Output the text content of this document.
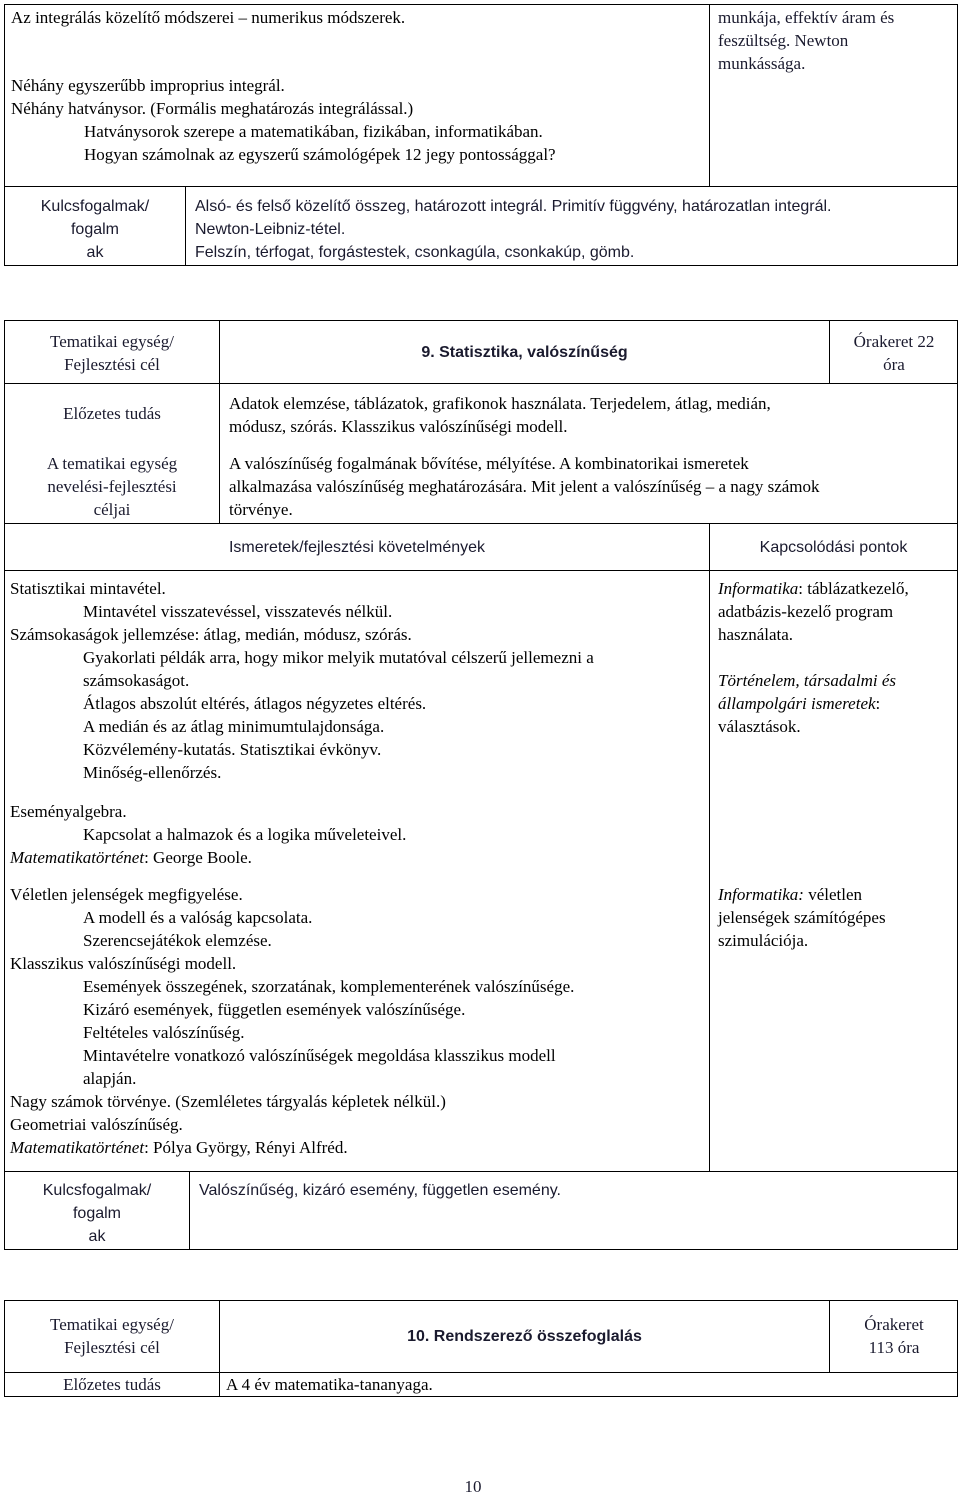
Az integrálás közelítő módszerei – numerikus módszerek.

Néhány egyszerűbb improprius integrál.

Néhány hatványsor. (Formális meghatározás integrálással.)

Hatványsorok szerepe a matematikában, fizikában, informatikában.

Hogyan számolnak az egyszerű számológépek 12 jegy pontossággal?

munkája, effektív áram és

feszültség. Newton

munkássága.

Kulcsfogalmak/

fogalm

ak

Alsó- és felső közelítő összeg, határozott integrál. Primitív függvény, határozatlan integrál.

Newton-Leibniz-tétel.

Felszín, térfogat, forgástestek, csonkagúla, csonkakúp, gömb.

Tematikai egység/

Fejlesztési cél

9. Statisztika, valószínűség

Órakeret 22

óra

Előzetes tudás

Adatok elemzése, táblázatok, grafikonok használata. Terjedelem, átlag, medián,

módusz, szórás. Klasszikus valószínűségi modell.

A tematikai egység

nevelési-fejlesztési

céljai

A valószínűség fogalmának bővítése, mélyítése. A kombinatorikai ismeretek

alkalmazása valószínűség meghatározására. Mit jelent a valószínűség – a nagy számok

törvénye.

Ismeretek/fejlesztési követelmények	Kapcsolódási pontok

Statisztikai mintavétel.

Mintavétel visszatevéssel, visszatevés nélkül.

Számsokaságok jellemzése: átlag, medián, módusz, szórás.

Gyakorlati példák arra, hogy mikor melyik mutatóval célszerű jellemezni a

számsokaságot.

Átlagos abszolút eltérés, átlagos négyzetes eltérés.

A medián és az átlag minimumtulajdonsága.

Közvélemény-kutatás. Statisztikai évkönyv.

Minőség-ellenőrzés.

Eseményalgebra.

Kapcsolat a halmazok és a logika műveleteivel.

Matematikatörténet: George Boole.

Véletlen jelenségek megfigyelése.

A modell és a valóság kapcsolata.

Szerencsejátékok elemzése.

Klasszikus valószínűségi modell.

Események összegének, szorzatának, komplementerének valószínűsége.

Kizáró események, független események valószínűsége.

Feltételes valószínűség.

Mintavételre vonatkozó valószínűségek megoldása klasszikus modell

alapján.

Nagy számok törvénye. (Szemléletes tárgyalás képletek nélkül.)

Geometriai valószínűség.

Matematikatörténet: Pólya György, Rényi Alfréd.

Informatika: táblázatkezelő,

adatbázis-kezelő program

használata.

Történelem, társadalmi és

állampolgári ismeretek:

választások.

Informatika: véletlen

jelenségek számítógépes

szimulációja.

Kulcsfogalmak/

fogalm

ak

Valószínűség, kizáró esemény, független esemény.

Tematikai egység/

Fejlesztési cél

10. Rendszerező összefoglalás

Órakeret

113 óra

Előzetes tudás	A 4 év matematika-tananyaga.
10
